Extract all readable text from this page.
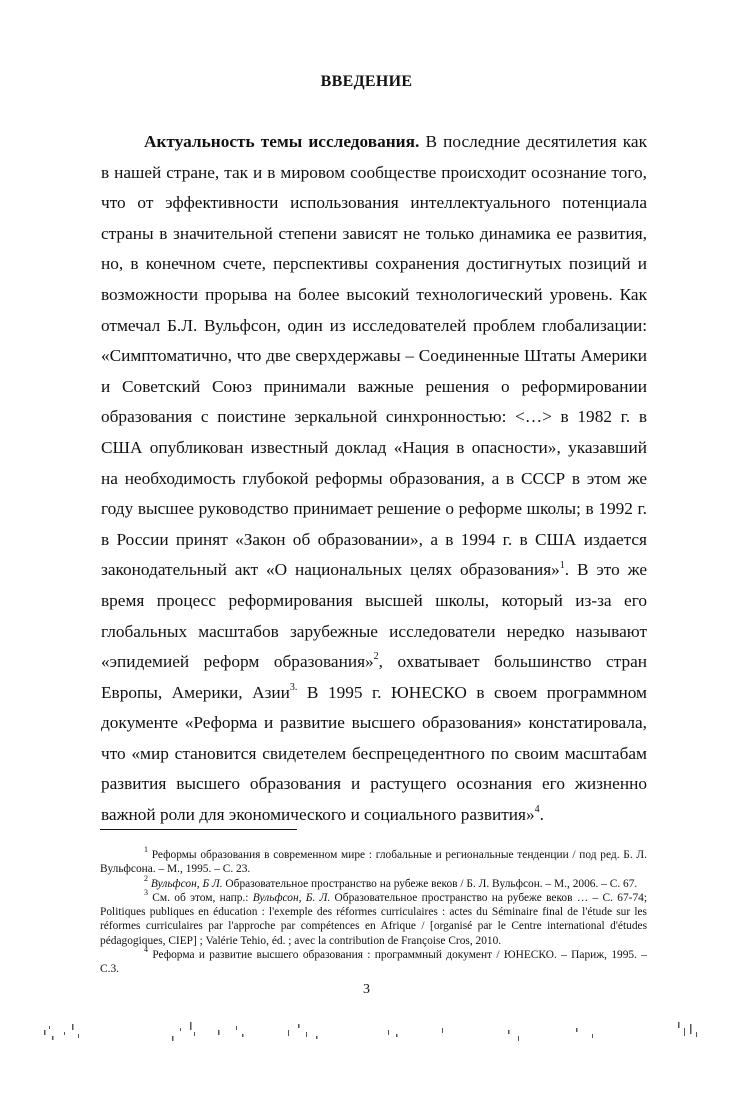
ВВЕДЕНИЕ

Актуальность темы исследования. В последние десятилетия как в нашей стране, так и в мировом сообществе происходит осознание того, что от эффективности использования интеллектуального потенциала страны в значительной степени зависят не только динамика ее развития, но, в конечном счете, перспективы сохранения достигнутых позиций и возможности прорыва на более высокий технологический уровень. Как отмечал Б.Л. Вульфсон, один из исследователей проблем глобализации: «Симптоматично, что две сверхдержавы – Соединенные Штаты Америки и Советский Союз принимали важные решения о реформировании образования с поистине зеркальной синхронностью: <…> в 1982 г. в США опубликован известный доклад «Нация в опасности», указавший на необходимость глубокой реформы образования, а в СССР в этом же году высшее руководство принимает решение о реформе школы; в 1992 г. в России принят «Закон об образовании», а в 1994 г. в США издается законодательный акт «О национальных целях образования»$^1$. В это же время процесс реформирования высшей школы, который из-за его глобальных масштабов зарубежные исследователи нередко называют «эпидемией реформ образования»$^2$, охватывает большинство стран Европы, Америки, Азии$^{3.}$ В 1995 г. ЮНЕСКО в своем программном документе «Реформа и развитие высшего образования» констатировала, что «мир становится свидетелем беспрецедентного по своим масштабам развития высшего образования и растущего осознания его жизненно важной роли для экономического и социального развития»$^4$.

$^1$ Реформы образования в современном мире : глобальные и региональные тенденции / под ред. Б. Л. Вульфсона. – М., 1995. – С. 23.

$^2$ Вульфсон, Б Л. Образовательное пространство на рубеже веков / Б. Л. Вульфсон. – М., 2006. – С. 67.

$^3$ См. об этом, напр.: Вульфсон, Б. Л. Образовательное пространство на рубеже веков … – С. 67-74; Politiques publiques en éducation : l'exemple des réformes curriculaires : actes du Séminaire final de l'étude sur les réformes curriculaires par l'approche par compétences en Afrique / [organisé par le Centre international d'études pédagogiques, CIEP] ; Valérie Tehio, éd. ; avec la contribution de Françoise Cros, 2010.

$^4$ Реформа и развитие высшего образования : программный документ / ЮНЕСКО. – Париж, 1995. – С.3.

3
